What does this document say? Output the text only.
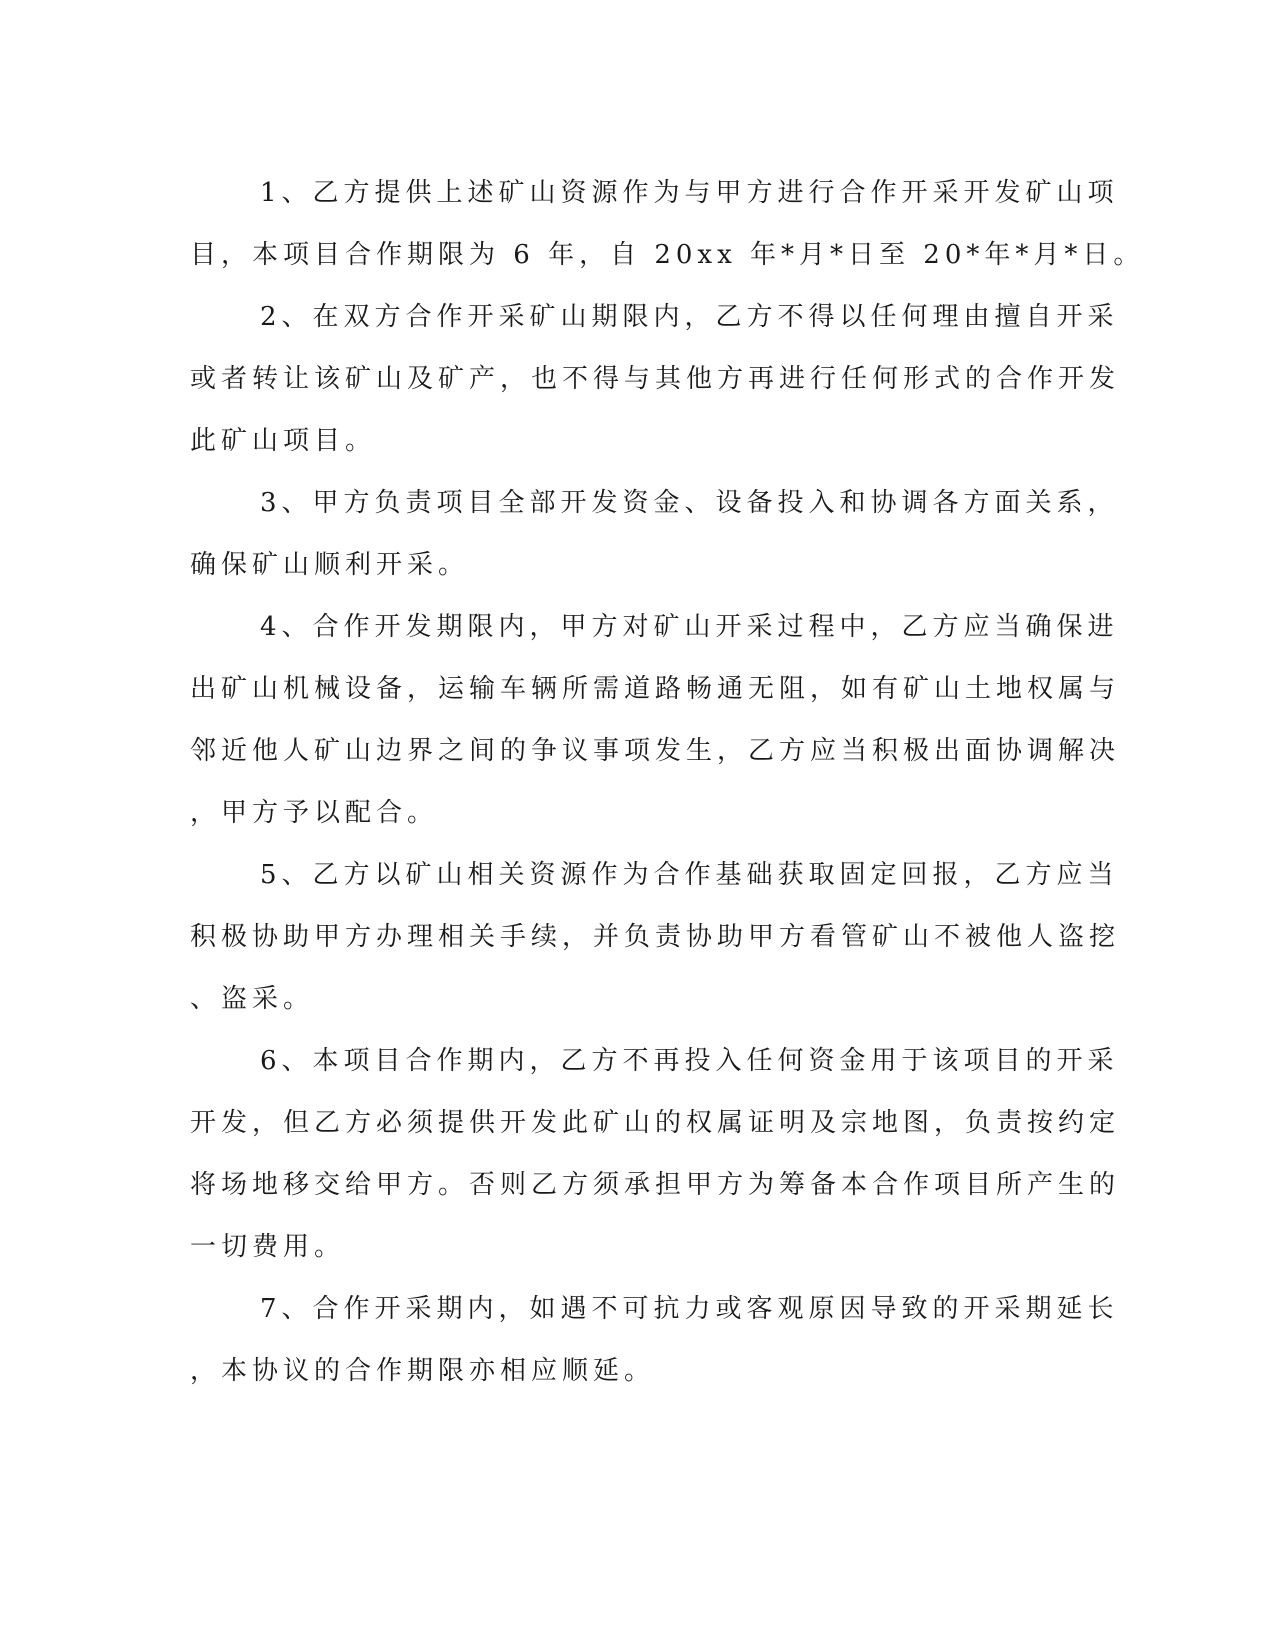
1、乙方提供上述矿山资源作为与甲方进行合作开采开发矿山项
目，本项目合作期限为 6 年，自 20xx 年*月*日至 20*年*月*日。
2、在双方合作开采矿山期限内，乙方不得以任何理由擅自开采
或者转让该矿山及矿产，也不得与其他方再进行任何形式的合作开发
此矿山项目。
3、甲方负责项目全部开发资金、设备投入和协调各方面关系，
确保矿山顺利开采。
4、合作开发期限内，甲方对矿山开采过程中，乙方应当确保进
出矿山机械设备，运输车辆所需道路畅通无阻，如有矿山土地权属与
邻近他人矿山边界之间的争议事项发生，乙方应当积极出面协调解决
，甲方予以配合。
5、乙方以矿山相关资源作为合作基础获取固定回报，乙方应当
积极协助甲方办理相关手续，并负责协助甲方看管矿山不被他人盗挖
、盗采。
6、本项目合作期内，乙方不再投入任何资金用于该项目的开采
开发，但乙方必须提供开发此矿山的权属证明及宗地图，负责按约定
将场地移交给甲方。否则乙方须承担甲方为筹备本合作项目所产生的
一切费用。
7、合作开采期内，如遇不可抗力或客观原因导致的开采期延长
，本协议的合作期限亦相应顺延。
